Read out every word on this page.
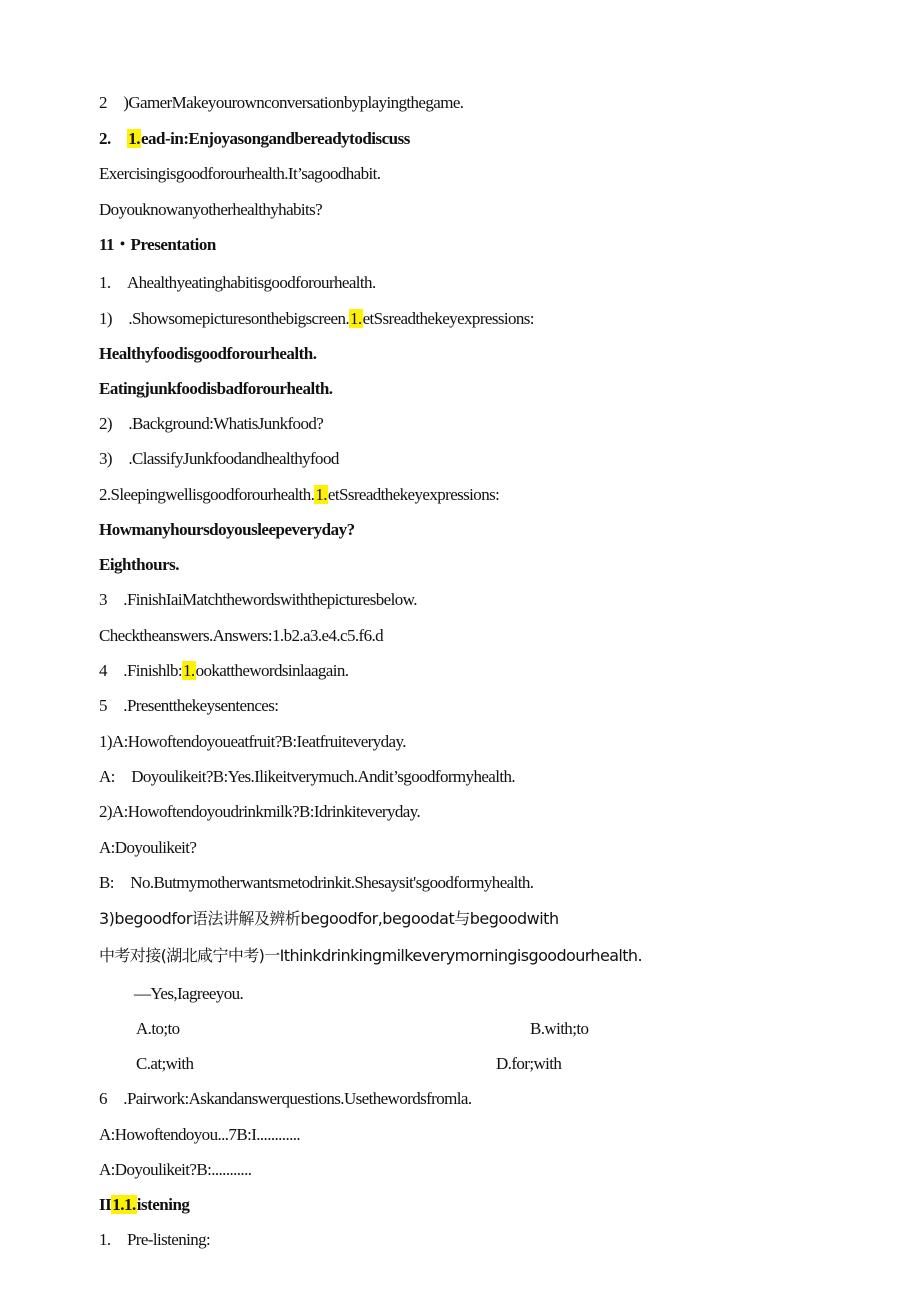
2 )GamerMakeyourownconversationbyplayingthegame.
2. 1.ead-in:Enjoyasongandbereadytodiscuss
Exercisingisgoodforourhealth.It’sagoodhabit.
Doyouknowanyotherhealthyhabits?
11・Presentation
1. Ahealthyeatinghabitisgoodforourhealth.
1) .Showsomepicturesonthebigscreen.1.etSsreadthekeyexpressions:
Healthyfoodisgoodforourhealth.
Eatingjunkfoodisbadforourhealth.
2) .Background:WhatisJunkfood?
3) .ClassifyJunkfoodandhealthyfood
2.Sleepingwellisgoodforourhealth.1.etSsreadthekeyexpressions:
Howmanyhoursdoyousleepeveryday?
Eighthours.
3 .FinishIaiMatchthewordswiththepicturesbelow.
Checktheanswers.Answers:1.b2.a3.e4.c5.f6.d
4 .Finishlb:1.ookatthewordsinlaagain.
5 .Presentthekeysentences:
1)A:Howoftendoyoueatfruit?B:Ieatfruiteveryday.
A: Doyoulikeit?B:Yes.Ilikeitverymuch.Andit’sgoodformyhealth.
2)A:Howoftendoyoudrinkmilk?B:Idrinkiteveryday.
A:Doyoulikeit?
B: No.Butmymotherwantsmetodrinkit.Shesaysit'sgoodformyhealth.
3)begoodfor语法讲解及辨析begoodfor,begoodat与begoodwith
中考对接(湖北咸宁中考)一Ithinkdrinkingmilkeverymorningisgoodourhealth.
—Yes,Iagreeyou.
A.to;to	B.with;to
C.at;with	D.for;with
6 .Pairwork:Askandanswerquestions.Usethewordsfromla.
A:Howoftendoyou...7B:I............
A:Doyoulikeit?B:...........
II1.1.istening
1. Pre-listening:
